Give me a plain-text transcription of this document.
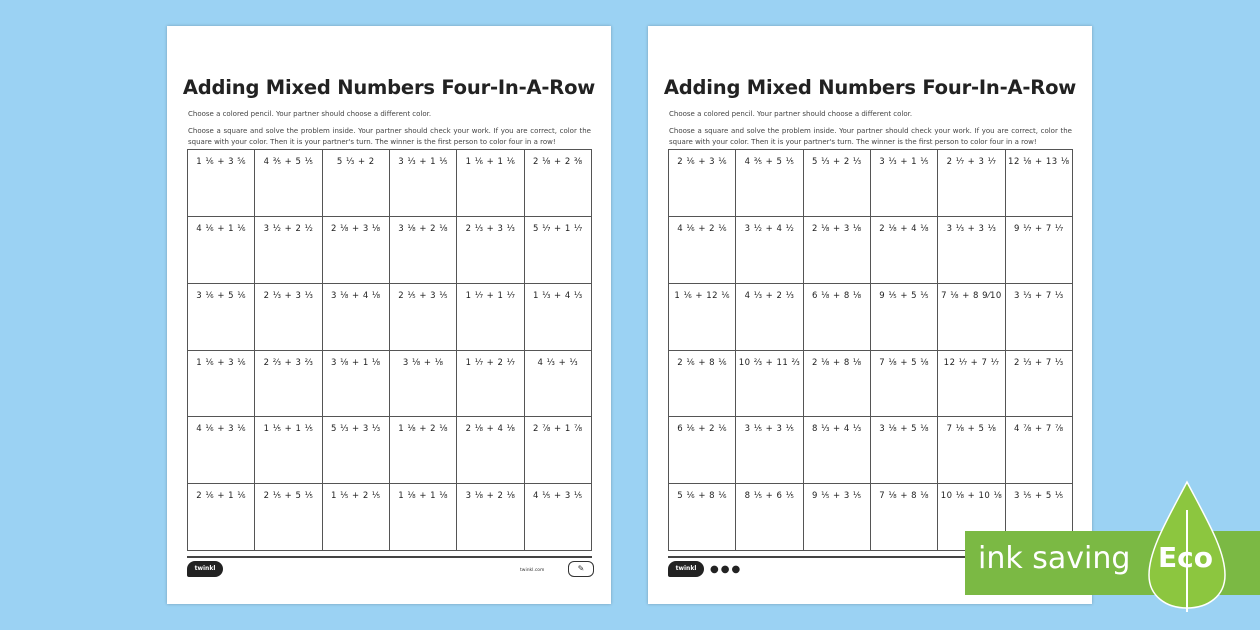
Adding Mixed Numbers Four-In-A-Row
Choose a colored pencil. Your partner should choose a different color.
Choose a square and solve the problem inside. Your partner should check your work. If you are correct, color the square with your color. Then it is your partner's turn. The winner is the first person to color four in a row!
1 ⅙ + 3 ⅚	4 ⅗ + 5 ⅕	5 ⅓ + 2	3 ⅓ + 1 ⅕	1 ⅙ + 1 ⅙	2 ⅛ + 2 ⅜
4 ⅙ + 1 ⅙	3 ½ + 2 ½	2 ⅛ + 3 ⅛	3 ⅛ + 2 ⅛	2 ⅓ + 3 ⅓	5 ⅐ + 1 ⅐
3 ⅙ + 5 ⅙	2 ⅓ + 3 ⅓	3 ⅛ + 4 ⅛	2 ⅕ + 3 ⅕	1 ⅐ + 1 ⅐	1 ⅓ + 4 ⅓
1 ⅙ + 3 ⅙	2 ⅔ + 3 ⅔	3 ⅛ + 1 ⅛	3 ⅛ + ⅛	1 ⅐ + 2 ⅐	4 ⅓ + ⅓
4 ⅙ + 3 ⅙	1 ⅕ + 1 ⅕	5 ⅓ + 3 ⅓	1 ⅛ + 2 ⅛	2 ⅛ + 4 ⅛	2 ⅞ + 1 ⅞
2 ⅙ + 1 ⅙	2 ⅕ + 5 ⅕	1 ⅕ + 2 ⅕	1 ⅛ + 1 ⅛	3 ⅛ + 2 ⅛	4 ⅕ + 3 ⅕
twinkl	twinkl.com	✎
Adding Mixed Numbers Four-In-A-Row
Choose a colored pencil. Your partner should choose a different color.
Choose a square and solve the problem inside. Your partner should check your work. If you are correct, color the square with your color. Then it is your partner's turn. The winner is the first person to color four in a row!
2 ⅙ + 3 ⅙	4 ⅗ + 5 ⅕	5 ⅓ + 2 ⅓	3 ⅓ + 1 ⅕	2 ⅐ + 3 ⅐	12 ⅛ + 13 ⅛
4 ⅙ + 2 ⅙	3 ½ + 4 ½	2 ⅛ + 3 ⅛	2 ⅛ + 4 ⅛	3 ⅓ + 3 ⅓	9 ⅐ + 7 ⅐
1 ⅙ + 12 ⅙	4 ⅓ + 2 ⅓	6 ⅛ + 8 ⅛	9 ⅕ + 5 ⅕	7 ⅛ + 8 9⁄10	3 ⅓ + 7 ⅓
2 ⅙ + 8 ⅙	10 ⅔ + 11 ⅔	2 ⅛ + 8 ⅛	7 ⅛ + 5 ⅛	12 ⅐ + 7 ⅐	2 ⅓ + 7 ⅓
6 ⅙ + 2 ⅙	3 ⅕ + 3 ⅕	8 ⅓ + 4 ⅓	3 ⅛ + 5 ⅛	7 ⅛ + 5 ⅛	4 ⅞ + 7 ⅞
5 ⅙ + 8 ⅙	8 ⅕ + 6 ⅕	9 ⅕ + 3 ⅕	7 ⅛ + 8 ⅛	10 ⅛ + 10 ⅛	3 ⅕ + 5 ⅕
twinkl	●●●	ink saving Eco
